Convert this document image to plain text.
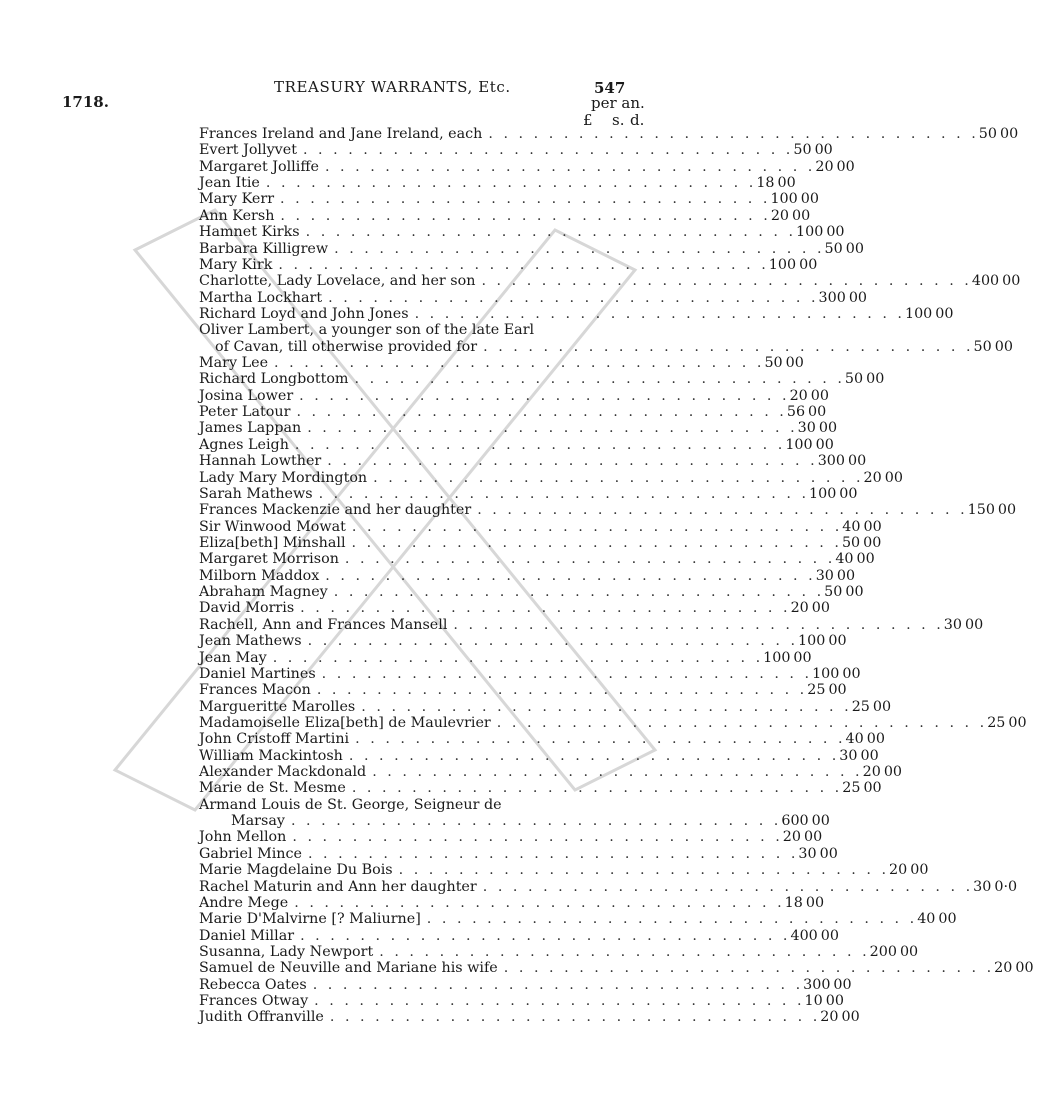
547
TREASURY WARRANTS, Etc.
1718.	per an.
£ s. d.
Frances Ireland and Jane Ireland, each . . . . . . . . . . . . . . . . . . . . . . . . . . . . . . . . . 50 0 0
Evert Jollyvet . . . . . . . . . . . . . . . . . . . . . . . . . . . . . . . . . 50 0 0
Margaret Jolliffe . . . . . . . . . . . . . . . . . . . . . . . . . . . . . . . . . 20 0 0
Jean Itie . . . . . . . . . . . . . . . . . . . . . . . . . . . . . . . . . 18 0 0
Mary Kerr . . . . . . . . . . . . . . . . . . . . . . . . . . . . . . . . . 100 0 0
Ann Kersh . . . . . . . . . . . . . . . . . . . . . . . . . . . . . . . . . 20 0 0
Hamnet Kirks . . . . . . . . . . . . . . . . . . . . . . . . . . . . . . . . . 100 0 0
Barbara Killigrew . . . . . . . . . . . . . . . . . . . . . . . . . . . . . . . . . 50 0 0
Mary Kirk . . . . . . . . . . . . . . . . . . . . . . . . . . . . . . . . . 100 0 0
Charlotte, Lady Lovelace, and her son . . . . . . . . . . . . . . . . . . . . . . . . . . . . . . . . . 400 0 0
Martha Lockhart . . . . . . . . . . . . . . . . . . . . . . . . . . . . . . . . . 300 0 0
Richard Loyd and John Jones . . . . . . . . . . . . . . . . . . . . . . . . . . . . . . . . . 100 0 0
Oliver Lambert, a younger son of the late Earl
of Cavan, till otherwise provided for . . . . . . . . . . . . . . . . . . . . . . . . . . . . . . . . . 50 0 0
Mary Lee . . . . . . . . . . . . . . . . . . . . . . . . . . . . . . . . . 50 0 0
Richard Longbottom . . . . . . . . . . . . . . . . . . . . . . . . . . . . . . . . . 50 0 0
Josina Lower . . . . . . . . . . . . . . . . . . . . . . . . . . . . . . . . . 20 0 0
Peter Latour . . . . . . . . . . . . . . . . . . . . . . . . . . . . . . . . . 56 0 0
James Lappan . . . . . . . . . . . . . . . . . . . . . . . . . . . . . . . . . 30 0 0
Agnes Leigh . . . . . . . . . . . . . . . . . . . . . . . . . . . . . . . . . 100 0 0
Hannah Lowther . . . . . . . . . . . . . . . . . . . . . . . . . . . . . . . . . 300 0 0
Lady Mary Mordington . . . . . . . . . . . . . . . . . . . . . . . . . . . . . . . . . 20 0 0
Sarah Mathews . . . . . . . . . . . . . . . . . . . . . . . . . . . . . . . . . 100 0 0
Frances Mackenzie and her daughter . . . . . . . . . . . . . . . . . . . . . . . . . . . . . . . . . 150 0 0
Sir Winwood Mowat . . . . . . . . . . . . . . . . . . . . . . . . . . . . . . . . . 40 0 0
Eliza[beth] Minshall . . . . . . . . . . . . . . . . . . . . . . . . . . . . . . . . . 50 0 0
Margaret Morrison . . . . . . . . . . . . . . . . . . . . . . . . . . . . . . . . . 40 0 0
Milborn Maddox . . . . . . . . . . . . . . . . . . . . . . . . . . . . . . . . . 30 0 0
Abraham Magney . . . . . . . . . . . . . . . . . . . . . . . . . . . . . . . . . 50 0 0
David Morris . . . . . . . . . . . . . . . . . . . . . . . . . . . . . . . . . 20 0 0
Rachell, Ann and Frances Mansell . . . . . . . . . . . . . . . . . . . . . . . . . . . . . . . . . 30 0 0
Jean Mathews . . . . . . . . . . . . . . . . . . . . . . . . . . . . . . . . . 100 0 0
Jean May . . . . . . . . . . . . . . . . . . . . . . . . . . . . . . . . . 100 0 0
Daniel Martines . . . . . . . . . . . . . . . . . . . . . . . . . . . . . . . . . 100 0 0
Frances Macon . . . . . . . . . . . . . . . . . . . . . . . . . . . . . . . . . 25 0 0
Margueritte Marolles . . . . . . . . . . . . . . . . . . . . . . . . . . . . . . . . . 25 0 0
Madamoiselle Eliza[beth] de Maulevrier . . . . . . . . . . . . . . . . . . . . . . . . . . . . . . . . . 25 0 0
John Cristoff Martini . . . . . . . . . . . . . . . . . . . . . . . . . . . . . . . . . 40 0 0
William Mackintosh . . . . . . . . . . . . . . . . . . . . . . . . . . . . . . . . . 30 0 0
Alexander Mackdonald . . . . . . . . . . . . . . . . . . . . . . . . . . . . . . . . . 20 0 0
Marie de St. Mesme . . . . . . . . . . . . . . . . . . . . . . . . . . . . . . . . . 25 0 0
Armand Louis de St. George, Seigneur de
Marsay . . . . . . . . . . . . . . . . . . . . . . . . . . . . . . . . . 600 0 0
John Mellon . . . . . . . . . . . . . . . . . . . . . . . . . . . . . . . . . 20 0 0
Gabriel Mince . . . . . . . . . . . . . . . . . . . . . . . . . . . . . . . . . 30 0 0
Marie Magdelaine Du Bois . . . . . . . . . . . . . . . . . . . . . . . . . . . . . . . . . 20 0 0
Rachel Maturin and Ann her daughter . . . . . . . . . . . . . . . . . . . . . . . . . . . . . . . . . 30 0 ·0
Andre Mege . . . . . . . . . . . . . . . . . . . . . . . . . . . . . . . . . 18 0 0
Marie D'Malvirne [? Maliurne] . . . . . . . . . . . . . . . . . . . . . . . . . . . . . . . . . 40 0 0
Daniel Millar . . . . . . . . . . . . . . . . . . . . . . . . . . . . . . . . . 400 0 0
Susanna, Lady Newport . . . . . . . . . . . . . . . . . . . . . . . . . . . . . . . . . 200 0 0
Samuel de Neuville and Mariane his wife . . . . . . . . . . . . . . . . . . . . . . . . . . . . . . . . . 20 0 0
Rebecca Oates . . . . . . . . . . . . . . . . . . . . . . . . . . . . . . . . . 300 0 0
Frances Otway . . . . . . . . . . . . . . . . . . . . . . . . . . . . . . . . . 10 0 0
Judith Offranville . . . . . . . . . . . . . . . . . . . . . . . . . . . . . . . . . 20 0 0
